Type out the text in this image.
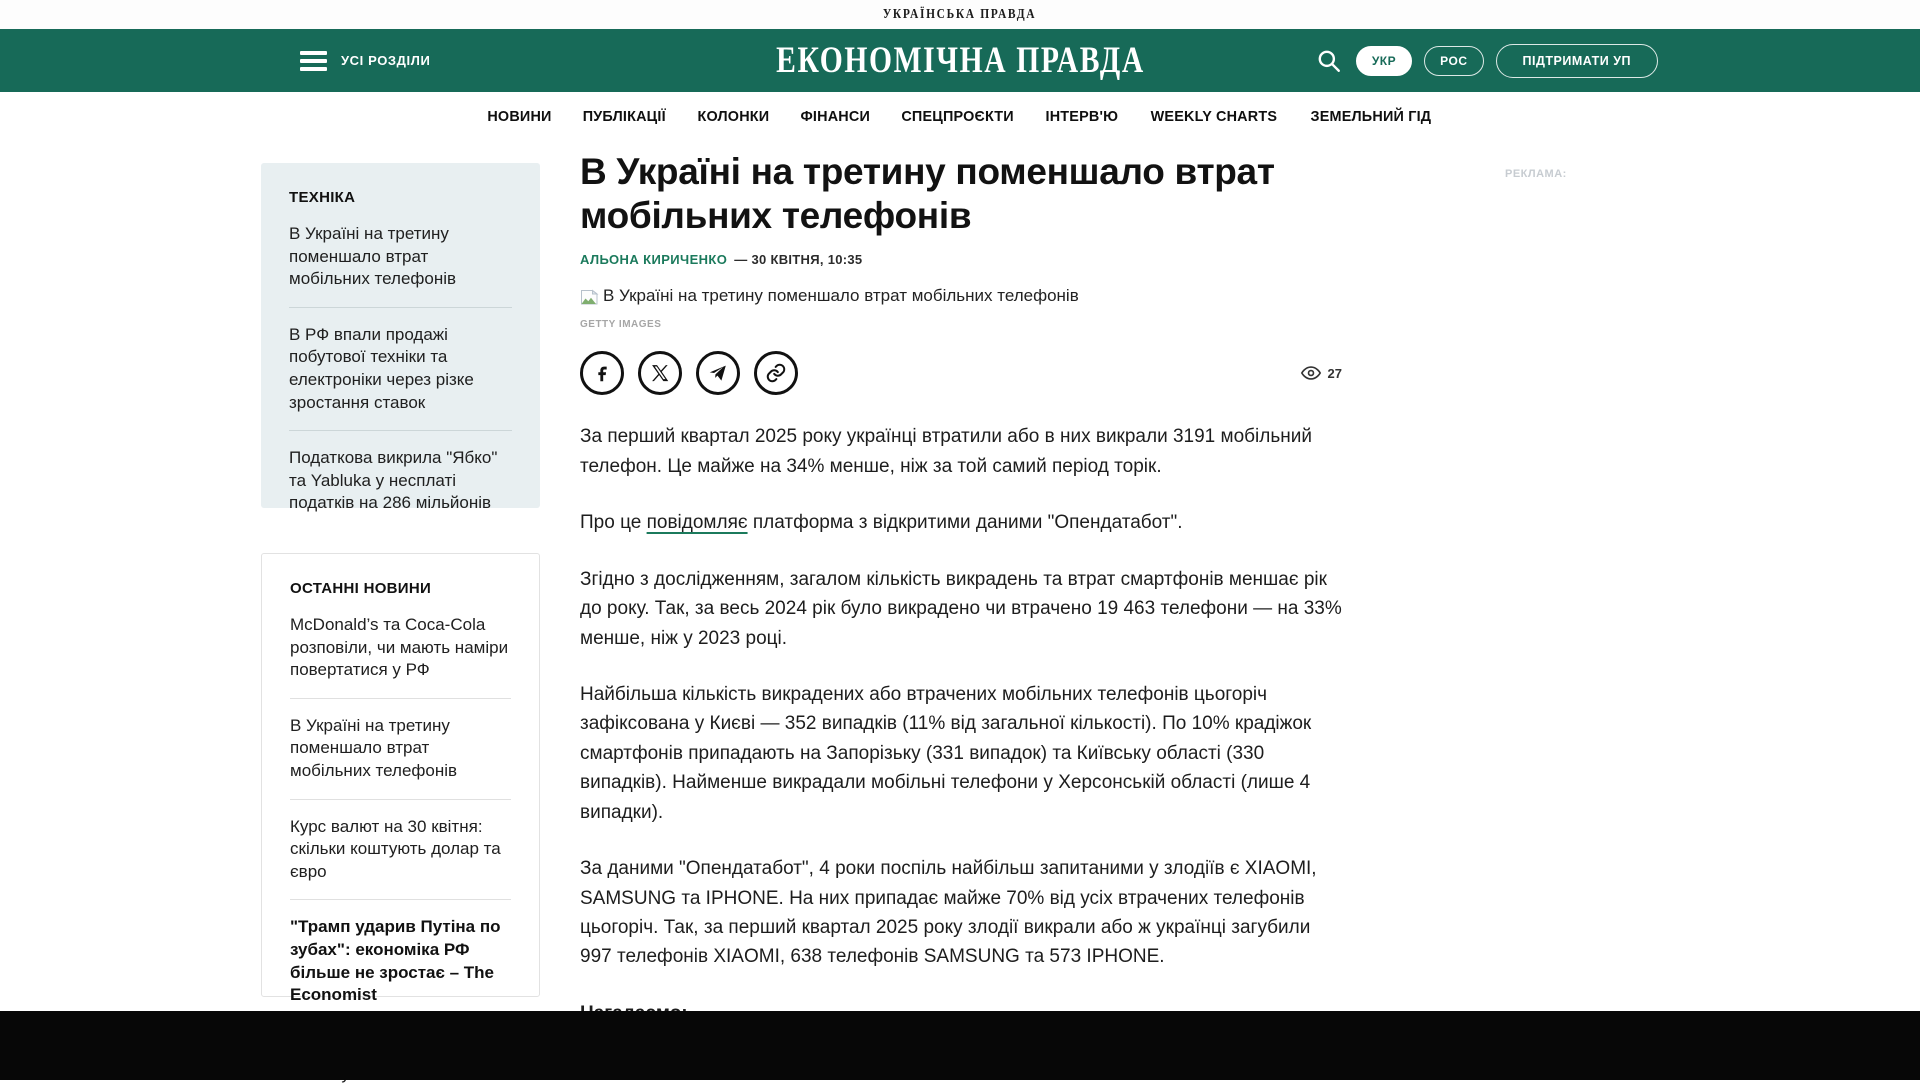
УКРАЇНСЬКА ПРАВДА
УСІ РОЗДІЛИ	ЕКОНОМІЧНА ПРАВДА	УКР	РОС	ПІДТРИМАТИ УП
НОВИНИ ПУБЛІКАЦІЇ КОЛОНКИ ФІНАНСИ СПЕЦПРОЄКТИ ІНТЕРВ'Ю WEEKLY CHARTS ЗЕМЕЛЬНИЙ ГІД
ТЕХНІКА
В Україні на третину поменшало втрат мобільних телефонів
В РФ впали продажі побутової техніки та електроніки через різке зростання ставок
Податкова викрила "Ябко" та Yabluka у несплаті податків на 286 мільйонів
ОСТАННІ НОВИНИ
McDonald’s та Coca-Cola розповіли, чи мають наміри повертатися у РФ
В Україні на третину поменшало втрат мобільних телефонів
Курс валют на 30 квітня: скільки коштують долар та євро
"Трамп ударив Путіна по зубах": економіка РФ більше не зростає – The Economist
В Україні на третину поменшало втрат мобільних телефонів
АЛЬОНА КИРИЧЕНКО — 30 КВІТНЯ, 10:35
В Україні на третину поменшало втрат мобільних телефонів
GETTY IMAGES
27

За перший квартал 2025 року українці втратили або в них викрали 3191 мобільний телефон. Це майже на 34% менше, ніж за той самий період торік.

Про це повідомляє платформа з відкритими даними "Опендатабот".

Згідно з дослідженням, загалом кількість викрадень та втрат смартфонів меншає рік до року. Так, за весь 2024 рік було викрадено чи втрачено 19 463 телефони — на 33% менше, ніж у 2023 році.

Найбільша кількість викрадених або втрачених мобільних телефонів цьогоріч зафіксована у Києві — 352 випадків (11% від загальної кількості). По 10% крадіжок смартфонів припадають на Запорізьку (331 випадок) та Київську області (330 випадків). Найменше викрадали мобільні телефони у Херсонській області (лише 4 випадки).

За даними "Опендатабот", 4 роки поспіль найбільш запитаними у злодіїв є XIAOMI, SAMSUNG та IPHONE. На них припадає майже 70% від усіх втрачених телефонів цьогоріч. Так, за перший квартал 2025 року злодії викрали або ж українці загубили 997 телефонів XIAOMI, 638 телефонів SAMSUNG та 573 IPHONE.

РЕКЛАМА:
